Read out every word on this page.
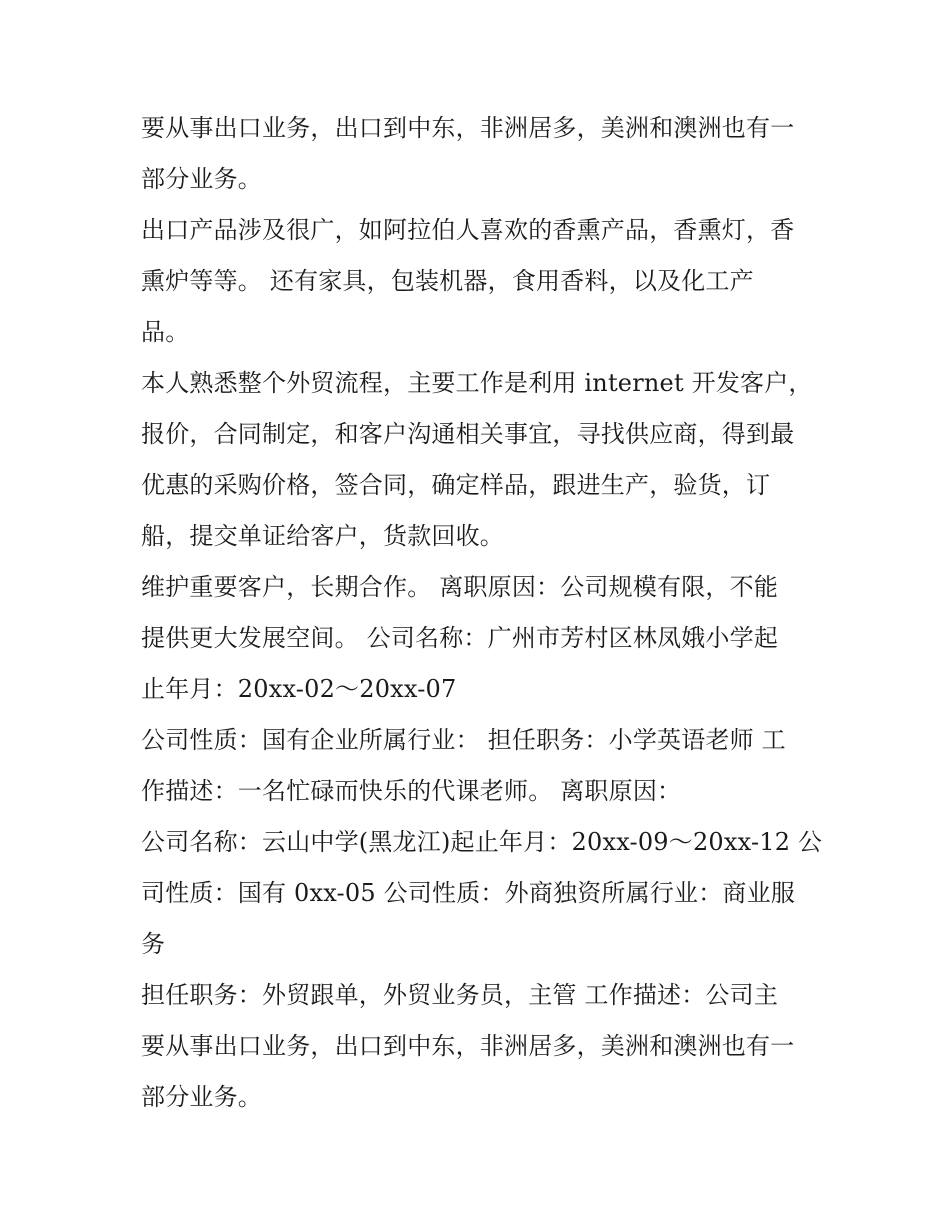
要从事出口业务，出口到中东，非洲居多，美洲和澳洲也有一
部分业务。

出口产品涉及很广，如阿拉伯人喜欢的香熏产品，香熏灯，香
熏炉等等。 还有家具，包装机器，食用香料，以及化工产
品。

本人熟悉整个外贸流程，主要工作是利用 internet 开发客户，
报价，合同制定，和客户沟通相关事宜，寻找供应商，得到最
优惠的采购价格，签合同，确定样品，跟进生产，验货，订
船，提交单证给客户，货款回收。

维护重要客户，长期合作。 离职原因：公司规模有限，不能
提供更大发展空间。 公司名称：广州市芳村区林凤娥小学起
止年月：20xx-02～20xx-07

公司性质：国有企业所属行业： 担任职务：小学英语老师 工
作描述：一名忙碌而快乐的代课老师。 离职原因：

公司名称：云山中学(黑龙江)起止年月：20xx-09～20xx-12 公
司性质：国有 0xx-05 公司性质：外商独资所属行业：商业服
务

担任职务：外贸跟单，外贸业务员，主管 工作描述：公司主
要从事出口业务，出口到中东，非洲居多，美洲和澳洲也有一
部分业务。
